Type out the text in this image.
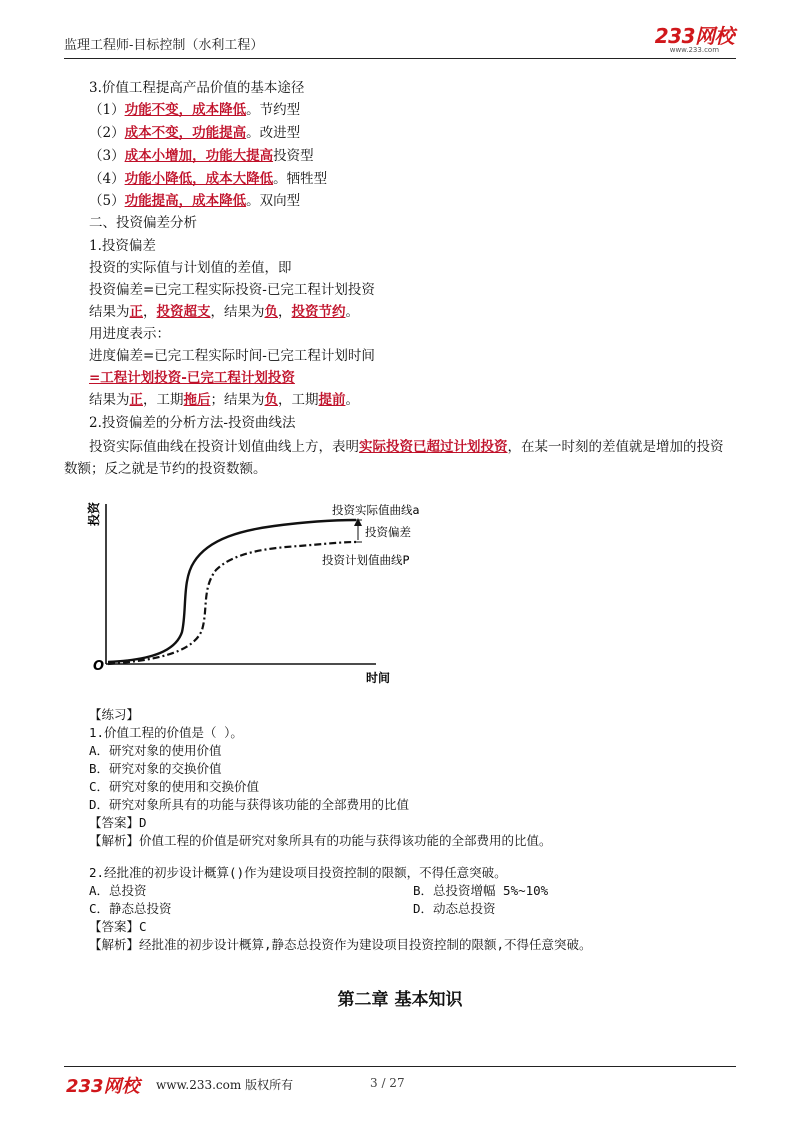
监理工程师-目标控制（水利工程）	233网校
www.233.com
3.价值工程提高产品价值的基本途径
（1）功能不变，成本降低。节约型
（2）成本不变，功能提高。改进型
（3）成本小增加，功能大提高投资型
（4）功能小降低，成本大降低。牺牲型
（5）功能提高，成本降低。双向型
二、投资偏差分析
1.投资偏差
投资的实际值与计划值的差值，即
投资偏差=已完工程实际投资-已完工程计划投资
结果为正，投资超支，结果为负，投资节约。
用进度表示：
进度偏差=已完工程实际时间-已完工程计划时间
=工程计划投资-已完工程计划投资
结果为正，工期拖后；结果为负，工期提前。
2.投资偏差的分析方法-投资曲线法
投资实际值曲线在投资计划值曲线上方，表明实际投资已超过计划投资，在某一时刻的差值就是增加的投资数额；反之就是节约的投资数额。
O
投资
时间
投资实际值曲线a
投资偏差
投资计划值曲线P
【练习】
1.价值工程的价值是（ ）。
A．研究对象的使用价值
B．研究对象的交换价值
C．研究对象的使用和交换价值
D．研究对象所具有的功能与获得该功能的全部费用的比值
【答案】D
【解析】价值工程的价值是研究对象所具有的功能与获得该功能的全部费用的比值。
2.经批准的初步设计概算()作为建设项目投资控制的限额，不得任意突破。
A．总投资	B．总投资增幅 5%~10%
C．静态总投资	D．动态总投资
【答案】C
【解析】经批准的初步设计概算,静态总投资作为建设项目投资控制的限额,不得任意突破。
第二章 基本知识
233网校 www.233.com 版权所有	3 / 27
